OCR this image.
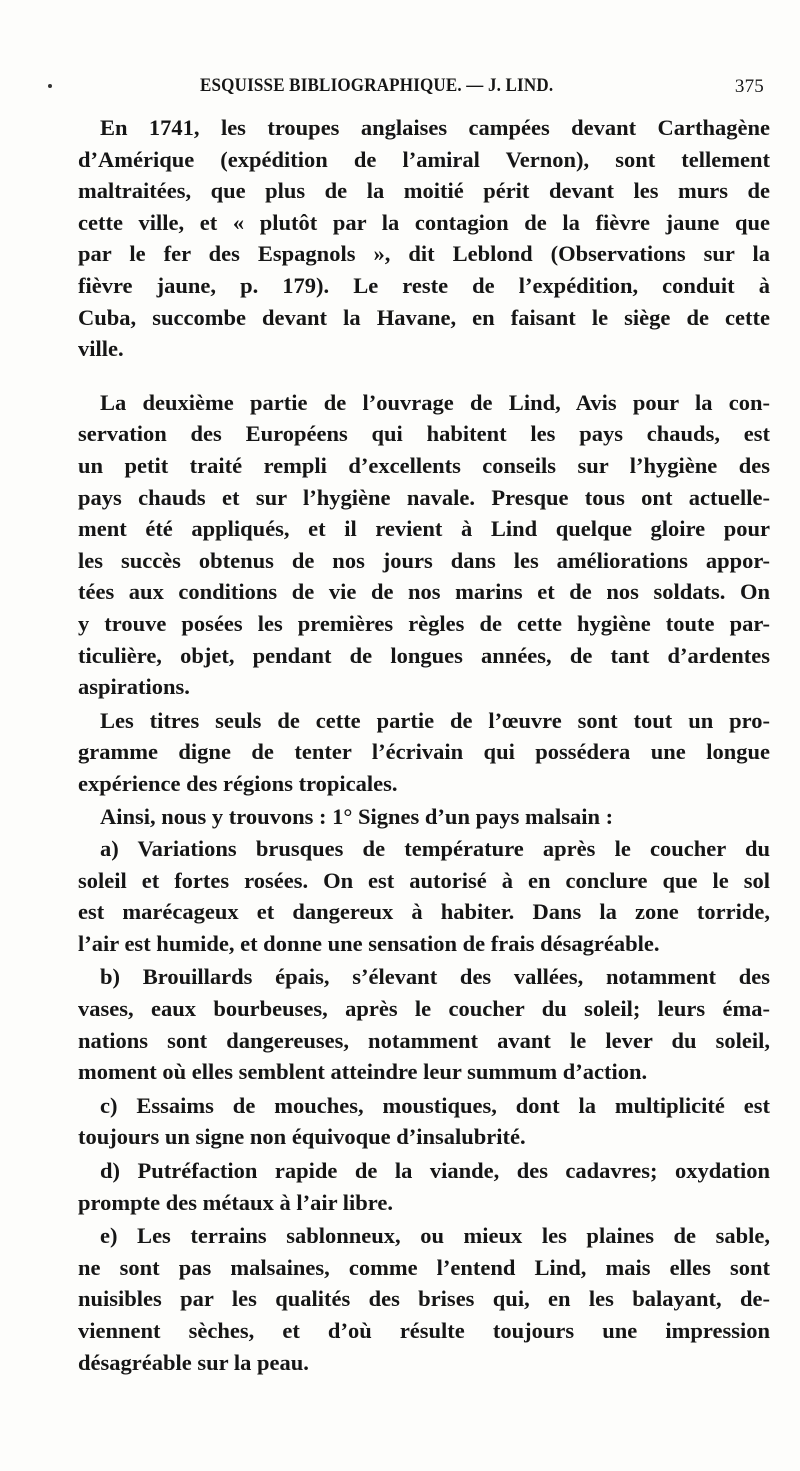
ESQUISSE BIBLIOGRAPHIQUE. — J. LIND.	375
En 1741, les troupes anglaises campées devant Carthagène
d’Amérique (expédition de l’amiral Vernon), sont tellement
maltraitées, que plus de la moitié périt devant les murs de
cette ville, et « plutôt par la contagion de la fièvre jaune que
par le fer des Espagnols », dit Leblond (Observations sur la
fièvre jaune, p. 179). Le reste de l’expédition, conduit à
Cuba, succombe devant la Havane, en faisant le siège de cette
ville.
La deuxième partie de l’ouvrage de Lind, Avis pour la con-
servation des Européens qui habitent les pays chauds, est
un petit traité rempli d’excellents conseils sur l’hygiène des
pays chauds et sur l’hygiène navale. Presque tous ont actuelle-
ment été appliqués, et il revient à Lind quelque gloire pour
les succès obtenus de nos jours dans les améliorations appor-
tées aux conditions de vie de nos marins et de nos soldats. On
y trouve posées les premières règles de cette hygiène toute par-
ticulière, objet, pendant de longues années, de tant d’ardentes
aspirations.
Les titres seuls de cette partie de l’œuvre sont tout un pro-
gramme digne de tenter l’écrivain qui possédera une longue
expérience des régions tropicales.
Ainsi, nous y trouvons : 1° Signes d’un pays malsain :
a) Variations brusques de température après le coucher du
soleil et fortes rosées. On est autorisé à en conclure que le sol
est marécageux et dangereux à habiter. Dans la zone torride,
l’air est humide, et donne une sensation de frais désagréable.
b) Brouillards épais, s’élevant des vallées, notamment des
vases, eaux bourbeuses, après le coucher du soleil; leurs éma-
nations sont dangereuses, notamment avant le lever du soleil,
moment où elles semblent atteindre leur summum d’action.
c) Essaims de mouches, moustiques, dont la multiplicité est
toujours un signe non équivoque d’insalubrité.
d) Putréfaction rapide de la viande, des cadavres; oxydation
prompte des métaux à l’air libre.
e) Les terrains sablonneux, ou mieux les plaines de sable,
ne sont pas malsaines, comme l’entend Lind, mais elles sont
nuisibles par les qualités des brises qui, en les balayant, de-
viennent sèches, et d’où résulte toujours une impression
désagréable sur la peau.
